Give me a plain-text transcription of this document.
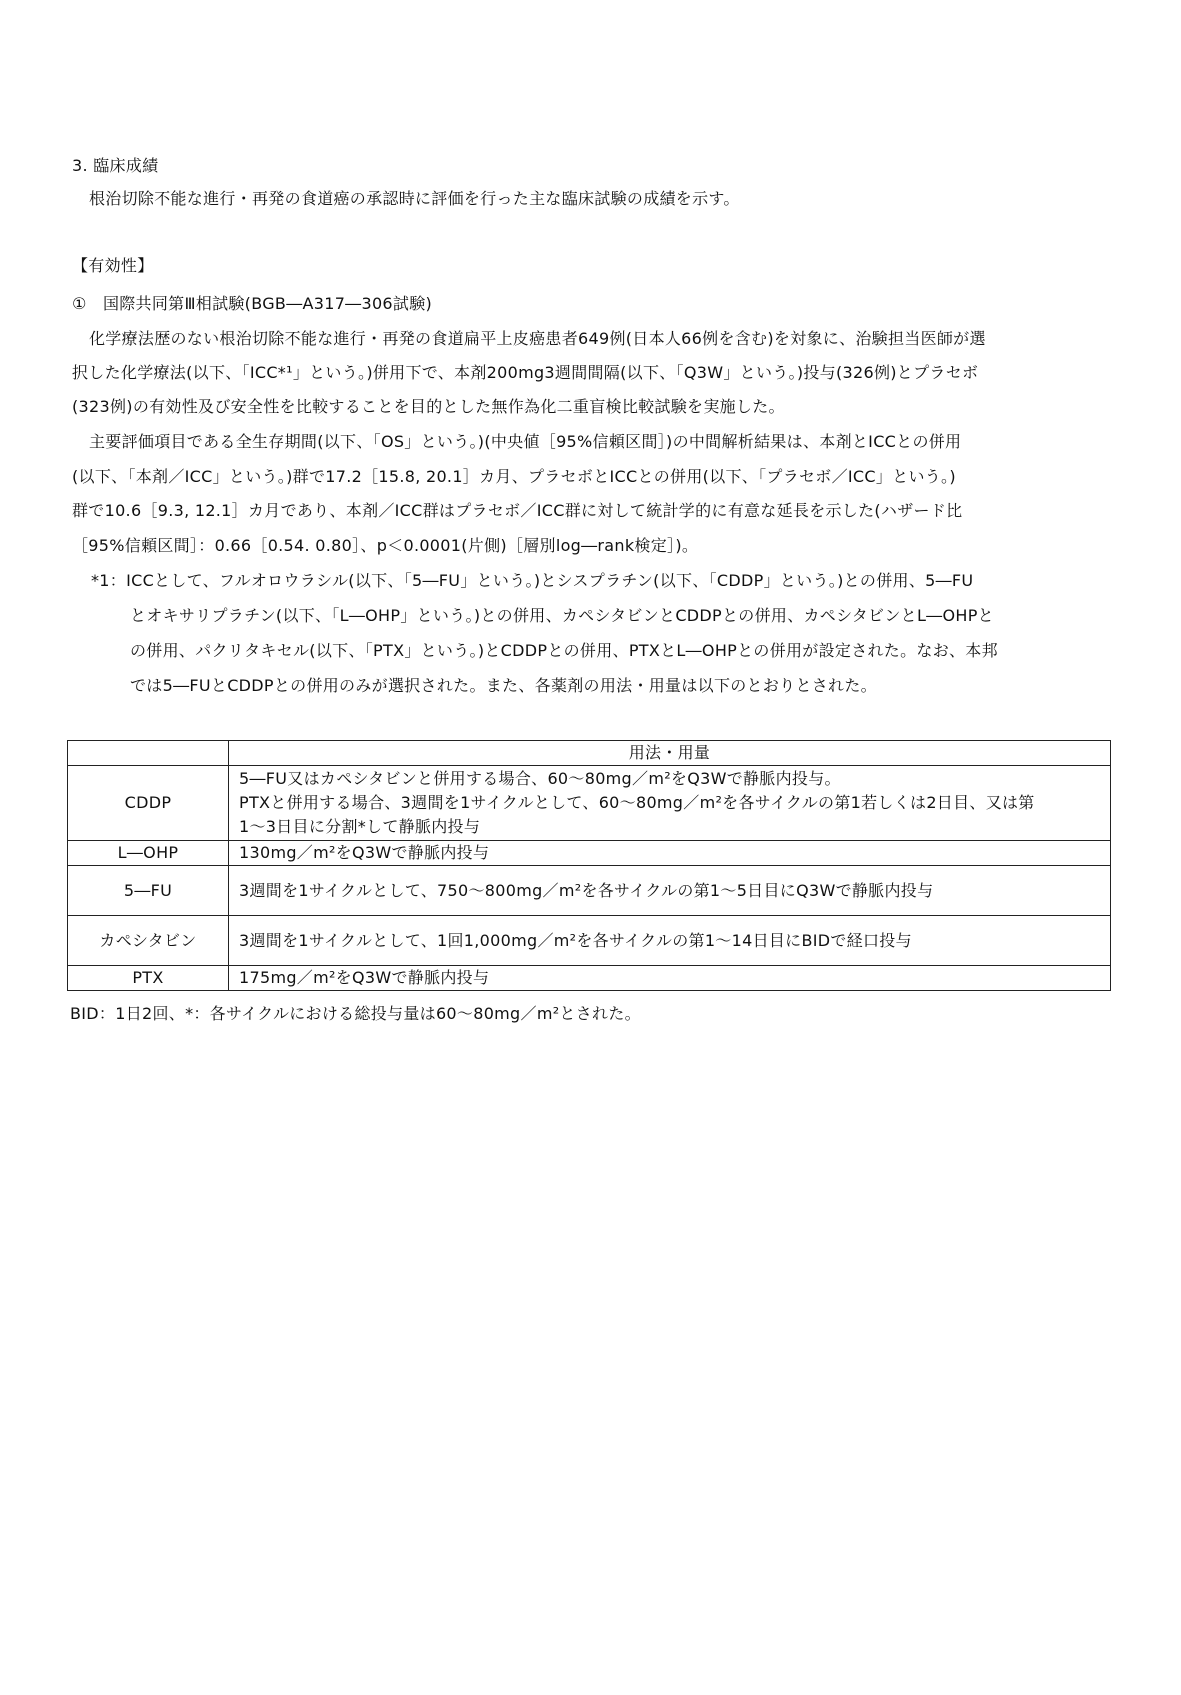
3. 臨床成績
根治切除不能な進行・再発の食道癌の承認時に評価を行った主な臨床試験の成績を示す。
【有効性】
①　国際共同第Ⅲ相試験(BGB―A317―306試験)
化学療法歴のない根治切除不能な進行・再発の食道扁平上皮癌患者649例(日本人66例を含む)を対象に、治験担当医師が選
択した化学療法(以下、「ICC*¹」という。)併用下で、本剤200mg3週間間隔(以下、「Q3W」という。)投与(326例)とプラセボ
(323例)の有効性及び安全性を比較することを目的とした無作為化二重盲検比較試験を実施した。
主要評価項目である全生存期間(以下、「OS」という。)(中央値［95%信頼区間］)の中間解析結果は、本剤とICCとの併用
(以下、「本剤／ICC」という。)群で17.2［15.8, 20.1］カ月、プラセボとICCとの併用(以下、「プラセボ／ICC」という。)
群で10.6［9.3, 12.1］カ月であり、本剤／ICC群はプラセボ／ICC群に対して統計学的に有意な延長を示した(ハザード比
［95%信頼区間］：0.66［0.54. 0.80］、p＜0.0001(片側)［層別log―rank検定］)。
*1：ICCとして、フルオロウラシル(以下、「5―FU」という。)とシスプラチン(以下、「CDDP」という。)との併用、5―FU
とオキサリプラチン(以下、「L―OHP」という。)との併用、カペシタビンとCDDPとの併用、カペシタビンとL―OHPと
の併用、パクリタキセル(以下、「PTX」という。)とCDDPとの併用、PTXとL―OHPとの併用が設定された。なお、本邦
では5―FUとCDDPとの併用のみが選択された。また、各薬剤の用法・用量は以下のとおりとされた。
	用法・用量
CDDP	5―FU又はカペシタビンと併用する場合、60～80mg／m²をQ3Wで静脈内投与。
PTXと併用する場合、3週間を1サイクルとして、60～80mg／m²を各サイクルの第1若しくは2日目、又は第
1～3日目に分割*して静脈内投与

L―OHP	130mg／m²をQ3Wで静脈内投与

5―FU	3週間を1サイクルとして、750～800mg／m²を各サイクルの第1～5日目にQ3Wで静脈内投与

カペシタビン	3週間を1サイクルとして、1回1,000mg／m²を各サイクルの第1～14日目にBIDで経口投与

PTX	175mg／m²をQ3Wで静脈内投与
BID：1日2回、*：各サイクルにおける総投与量は60～80mg／m²とされた。
